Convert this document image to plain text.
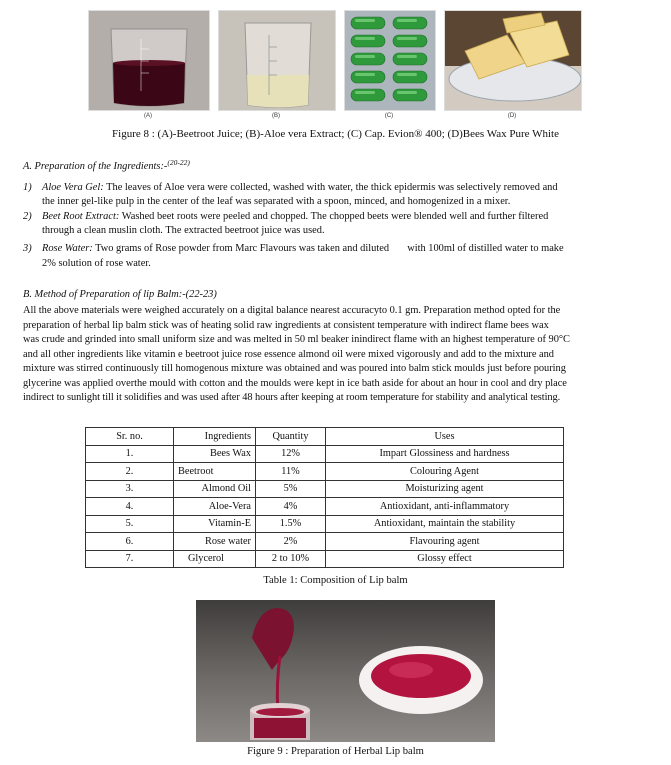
(A)	(B)	(C)	(D)
Figure 8 : (A)-Beetroot Juice; (B)-Aloe vera Extract; (C) Cap. Evion® 400; (D)Bees Wax Pure White
A. Preparation of the Ingredients:-$^{(20-22)}$
1) Aloe Vera Gel: The leaves of Aloe vera were collected, washed with water, the thick epidermis was selectively removed and
the inner gel-like pulp in the center of the leaf was separated with a spoon, minced, and homogenized in a mixer.
2) Beet Root Extract: Washed beet roots were peeled and chopped. The chopped beets were blended well and further filtered
through a clean muslin cloth. The extracted beetroot juice was used.
3) Rose Water: Two grams of Rose powder from Marc Flavours was taken and diluted       with 100ml of distilled water to make
2% solution of rose water.
B. Method of Preparation of lip Balm:-(22-23)
All the above materials were weighed accurately on a digital balance nearest accuracyto 0.1 gm. Preparation method opted for the
preparation of herbal lip balm stick was of heating solid raw ingredients at consistent temperature with indirect flame bees wax
was crude and grinded into small uniform size and was melted in 50 ml beaker inindirect flame with an highest temperature of 90°C
and all other ingredients like vitamin e beetroot juice rose essence almond oil were mixed vigorously and add to the mixture and
mixture was stirred continuously till homogenous mixture was obtained and was poured into balm stick moulds just before pouring
glycerine was applied overthe mould with cotton and the moulds were kept in ice bath aside for about an hour in cool and dry place
indirect to sunlight till it solidifies and was used after 48 hours after keeping at room temperature for stability and analytical testing.
Sr. no.	Ingredients	Quantity	Uses
1.	Bees Wax	12%	Impart Glossiness and hardness
2.	Beetroot	11%	Colouring Agent
3.	Almond Oil	5%	Moisturizing agent
4.	Aloe-Vera	4%	Antioxidant, anti-inflammatory
5.	Vitamin-E	1.5%	Antioxidant, maintain the stability
6.	Rose water	2%	Flavouring agent
7.	Glycerol	2 to 10%	Glossy effect
Table 1: Composition of Lip balm
Figure 9 : Preparation of Herbal Lip balm
